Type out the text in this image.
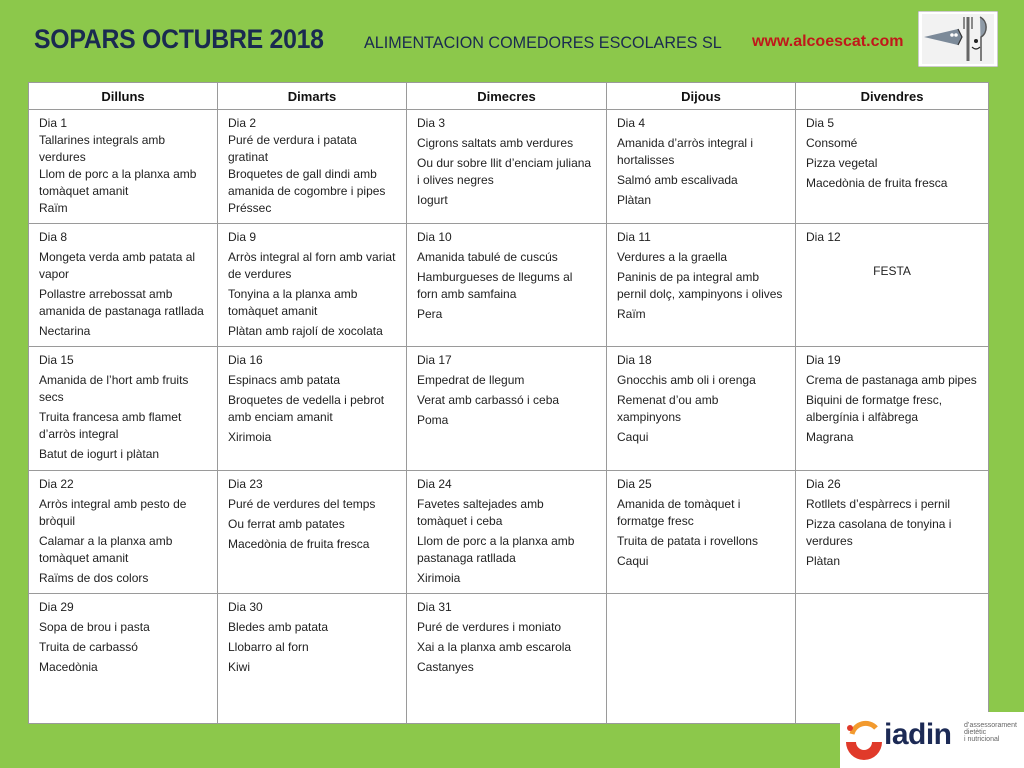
SOPARS OCTUBRE 2018 ALIMENTACION COMEDORES ESCOLARES SL www.alcoescat.com
Dilluns	Dimarts	Dimecres	Dijous	Divendres

Dia 1
Tallarines integrals amb verdures
Llom de porc a la planxa amb tomàquet amanit
Raïm	Dia 2
Puré de verdura i patata gratinat
Broquetes de gall dindi amb amanida de cogombre i pipes
Préssec	Dia 3
Cigrons saltats amb verdures
Ou dur sobre llit d’enciam juliana i olives negres
Iogurt	Dia 4
Amanida d’arròs integral i hortalisses
Salmó amb escalivada
Plàtan	Dia 5
Consomé
Pizza vegetal
Macedònia de fruita fresca

Dia 8
Mongeta verda amb patata al vapor
Pollastre arrebossat amb amanida de pastanaga ratllada
Nectarina	Dia 9
Arròs integral al forn amb variat de verdures
Tonyina a la planxa amb tomàquet amanit
Plàtan amb rajolí de xocolata	Dia 10
Amanida tabulé de cuscús
Hamburgueses de llegums al forn amb samfaina
Pera	Dia 11
Verdures a la graella
Paninis de pa integral amb pernil dolç, xampinyons i olives
Raïm	Dia 12
FESTA

Dia 15
Amanida de l’hort amb fruits secs
Truita francesa amb flamet d’arròs integral
Batut de iogurt i plàtan	Dia 16
Espinacs amb patata
Broquetes de vedella i pebrot amb enciam amanit
Xirimoia	Dia 17
Empedrat de llegum
Verat amb carbassó i ceba
Poma	Dia 18
Gnocchis amb oli i orenga
Remenat d’ou amb xampinyons
Caqui	Dia 19
Crema de pastanaga amb pipes
Biquini de formatge fresc, albergínia i alfàbrega
Magrana

Dia 22
Arròs integral amb pesto de bròquil
Calamar a la planxa amb tomàquet amanit
Raïms de dos colors	Dia 23
Puré de verdures del temps
Ou ferrat amb patates
Macedònia de fruita fresca	Dia 24
Favetes saltejades amb tomàquet i ceba
Llom de porc a la planxa amb pastanaga ratllada
Xirimoia	Dia 25
Amanida de tomàquet i formatge fresc
Truita de patata i rovellons
Caqui	Dia 26
Rotllets d’espàrrecs i pernil
Pizza casolana de tonyina i verdures
Plàtan

Dia 29
Sopa de brou i pasta
Truita de carbassó
Macedònia	Dia 30
Bledes amb patata
Llobarro al forn
Kiwi	Dia 31
Puré de verdures i moniato
Xai a la planxa amb escarola
Castanyes		

iadin d’assessorament
dietètic
i nutricional
